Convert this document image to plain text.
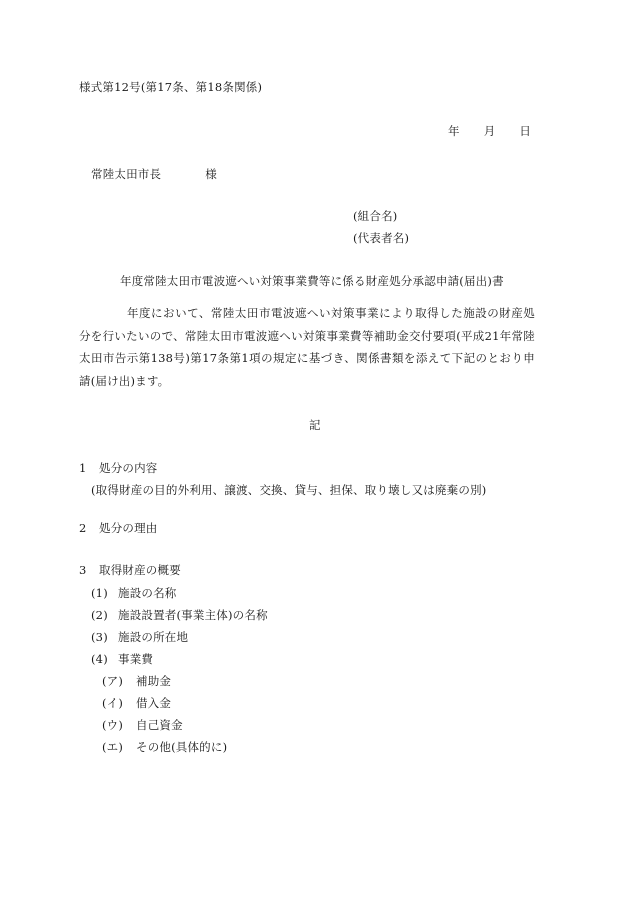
様式第12号(第17条、第18条関係)
年 月 日
常陸太田市長	様
(組合名)
(代表者名)
年度常陸太田市電波遮へい対策事業費等に係る財産処分承認申請(届出)書
年度において、常陸太田市電波遮へい対策事業により取得した施設の財産処分を行いたいので、常陸太田市電波遮へい対策事業費等補助金交付要項(平成21年常陸太田市告示第138号)第17条第1項の規定に基づき、関係書類を添えて下記のとおり申請(届け出)ます。
記
1 処分の内容
(取得財産の目的外利用、譲渡、交換、貸与、担保、取り壊し又は廃棄の別)
2 処分の理由
3 取得財産の概要
(1) 施設の名称
(2) 施設設置者(事業主体)の名称
(3) 施設の所在地
(4) 事業費
(ア) 補助金
(イ) 借入金
(ウ) 自己資金
(エ) その他(具体的に)
